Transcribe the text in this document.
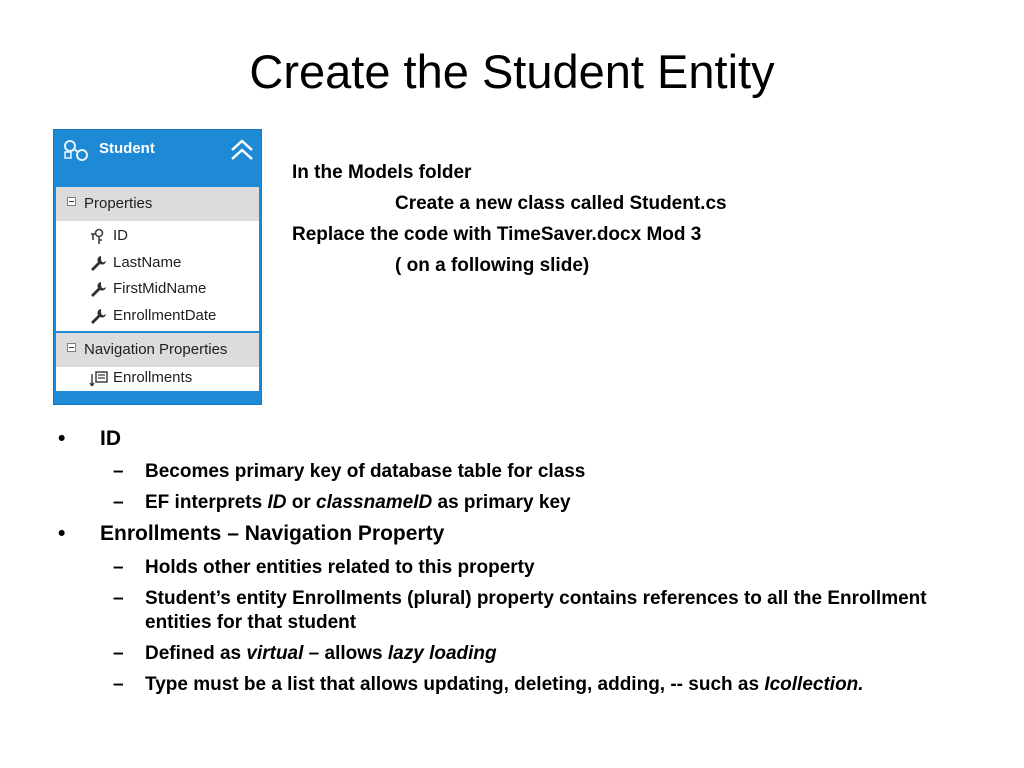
Create the Student Entity
Student
Properties
ID
LastName
FirstMidName
EnrollmentDate
Navigation Properties
Enrollments
In the Models folder
Create a new class called Student.cs
Replace the code with TimeSaver.docx Mod 3
( on a following slide)
•	ID
– Becomes primary key of database table for class
– EF interprets ID or classnameID as primary key
•	Enrollments – Navigation Property
– Holds other entities related to this property
– Student’s entity Enrollments (plural) property contains references to all the Enrollment entities for that student
– Defined as virtual – allows lazy loading
– Type must be a list that allows updating, deleting, adding, -- such as Icollection.
